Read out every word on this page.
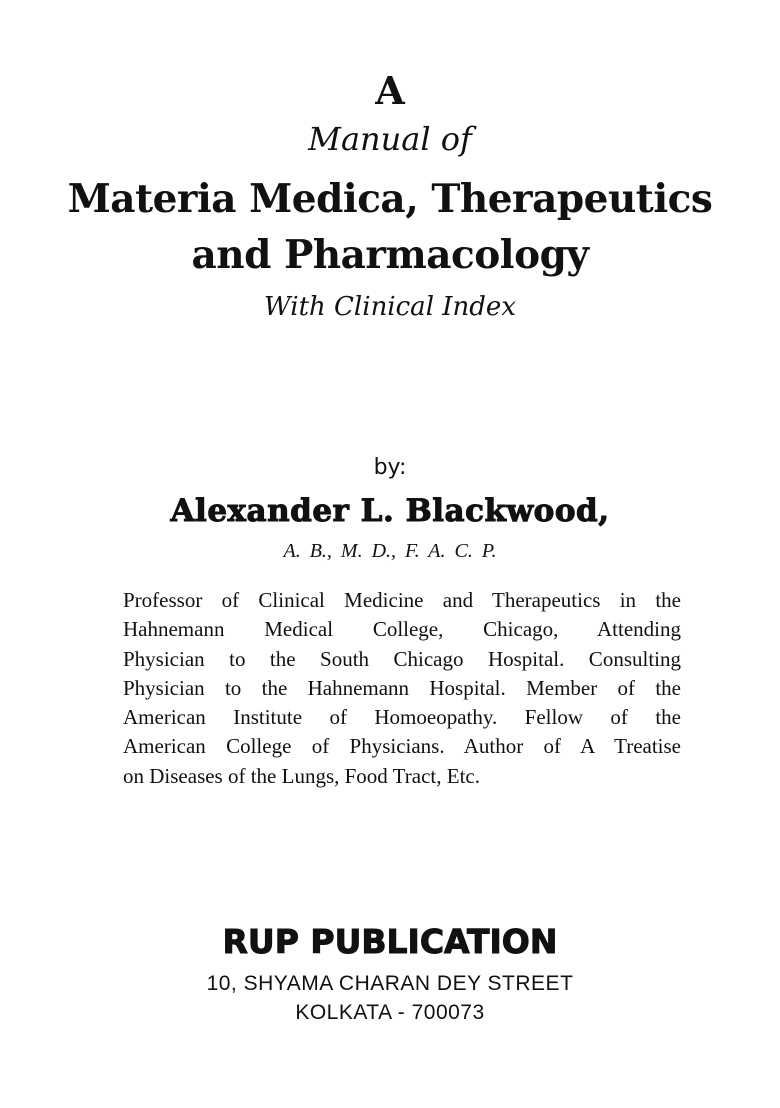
A
Manual of
Materia Medica, Therapeutics
and Pharmacology
With Clinical Index
by:
Alexander L. Blackwood,
A. B., M. D., F. A. C. P.
Professor of Clinical Medicine and Therapeutics in the
Hahnemann Medical College, Chicago, Attending
Physician to the South Chicago Hospital. Consulting
Physician to the Hahnemann Hospital. Member of the
American Institute of Homoeopathy. Fellow of the
American College of Physicians. Author of A Treatise
on Diseases of the Lungs, Food Tract, Etc.
RUP PUBLICATION
10, SHYAMA CHARAN DEY STREET
KOLKATA - 700073
